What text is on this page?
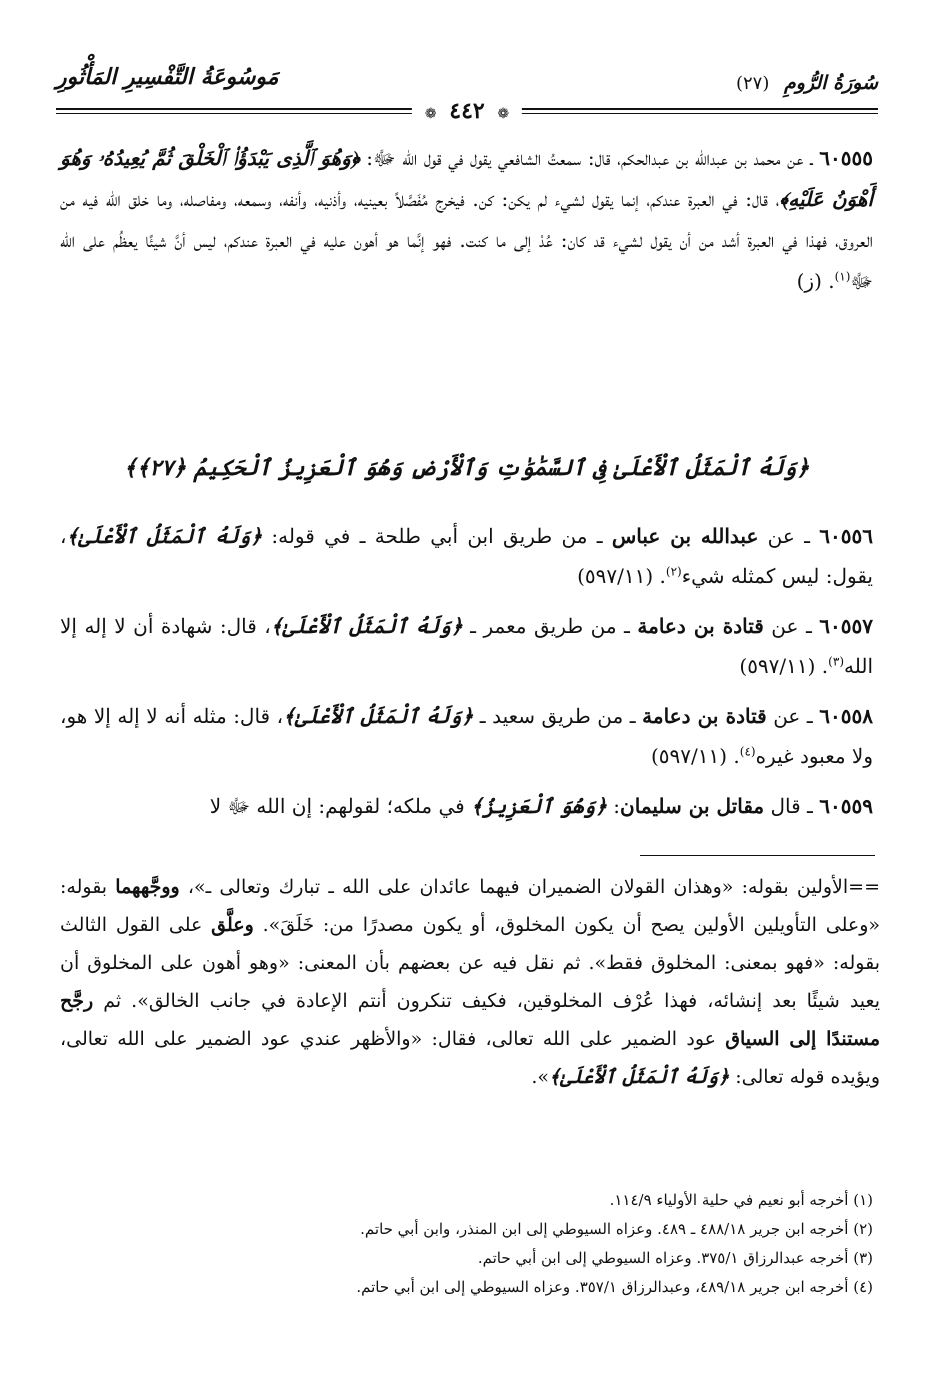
سُورَةُ الرُّومِ (٢٧)
مَوسُوعَةُ التَّفْسِيرِ المَأْثُورِ
❁ ٤٤٢ ❁

٦٠٥٥٥ ـ عن محمد بن عبدالله بن عبدالحكم، قال: سمعتُ الشافعي يقول في قول الله ﷻ: ﴿وَهُوَ ٱلَّذِى يَبْدَؤُا۟ ٱلْخَلْقَ ثُمَّ يُعِيدُهُۥ وَهُوَ أَهْوَنُ عَلَيْهِ﴾، قال: في العبرة عندكم، إنما يقول لشيء لم يكن: كن. فيخرج مُفَصَّلاً بعينيه، وأذنيه، وأنفه، وسمعه، ومفاصله، وما خلق الله فيه من العروق، فهذا في العبرة أشد من أن يقول لشيء قد كان: عُدْ إلى ما كنت. فهو إنَّما هو أهون عليه في العبرة عندكم، ليس أنَّ شيئًا يعظُم على الله ﷻ$^{(١)}$. (ز)

﴿وَلَهُ ٱلْمَثَلُ ٱلْأَعْلَىٰ فِى ٱلسَّمَٰوَٰتِ وَٱلْأَرْضِ وَهُوَ ٱلْعَزِيزُ ٱلْحَكِيمُ ﴿٢٧﴾﴾

٦٠٥٥٦ ـ عن عبدالله بن عباس ـ من طريق ابن أبي طلحة ـ في قوله: ﴿وَلَهُ ٱلْمَثَلُ ٱلْأَعْلَىٰ﴾، يقول: ليس كمثله شيء$^{(٢)}$. (٥٩٧/١١)

٦٠٥٥٧ ـ عن قتادة بن دعامة ـ من طريق معمر ـ ﴿وَلَهُ ٱلْمَثَلُ ٱلْأَعْلَىٰ﴾، قال: شهادة أن لا إله إلا الله$^{(٣)}$. (٥٩٧/١١)

٦٠٥٥٨ ـ عن قتادة بن دعامة ـ من طريق سعيد ـ ﴿وَلَهُ ٱلْمَثَلُ ٱلْأَعْلَىٰ﴾، قال: مثله أنه لا إله إلا هو، ولا معبود غيره$^{(٤)}$. (٥٩٧/١١)

٦٠٥٥٩ ـ قال مقاتل بن سليمان: ﴿وَهُوَ ٱلْعَزِيزُ﴾ في ملكه؛ لقولهم: إن الله ﷻ لا

==الأولين بقوله: «وهذان القولان الضميران فيهما عائدان على الله ـ تبارك وتعالى ـ»، ووجَّههما بقوله: «وعلى التأويلين الأولين يصح أن يكون المخلوق، أو يكون مصدرًا من: خَلَقَ». وعلَّق على القول الثالث بقوله: «فهو بمعنى: المخلوق فقط». ثم نقل فيه عن بعضهم بأن المعنى: «وهو أهون على المخلوق أن يعيد شيئًا بعد إنشائه، فهذا عُرْف المخلوقين، فكيف تنكرون أنتم الإعادة في جانب الخالق». ثم رجَّح مستندًا إلى السياق عود الضمير على الله تعالى، فقال: «والأظهر عندي عود الضمير على الله تعالى، ويؤيده قوله تعالى: ﴿وَلَهُ ٱلْمَثَلُ ٱلْأَعْلَىٰ﴾».

(١) أخرجه أبو نعيم في حلية الأولياء ١١٤/٩.

(٢) أخرجه ابن جرير ٤٨٨/١٨ ـ ٤٨٩. وعزاه السيوطي إلى ابن المنذر، وابن أبي حاتم.

(٣) أخرجه عبدالرزاق ٣٧٥/١. وعزاه السيوطي إلى ابن أبي حاتم.

(٤) أخرجه ابن جرير ٤٨٩/١٨، وعبدالرزاق ٣٥٧/١. وعزاه السيوطي إلى ابن أبي حاتم.
